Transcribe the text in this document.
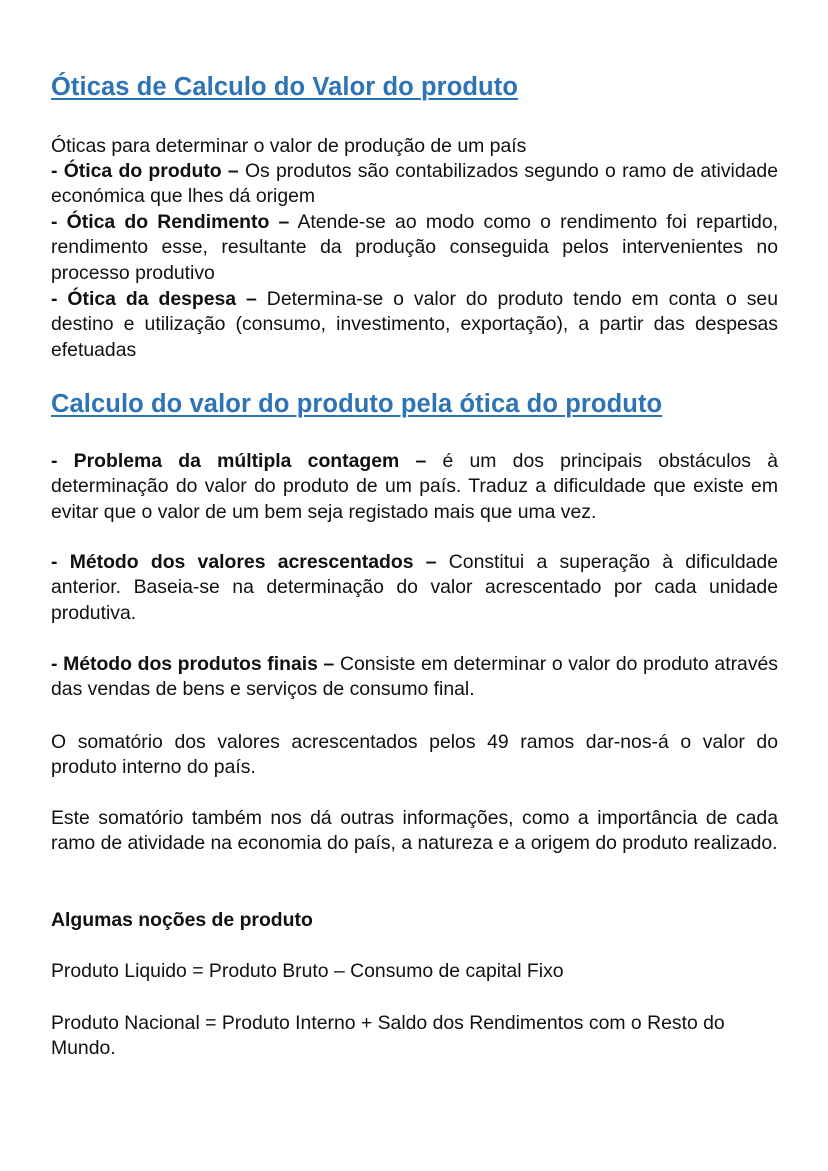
Óticas de Calculo do Valor do produto

Óticas para determinar o valor de produção de um país

- Ótica do produto – Os produtos são contabilizados segundo o ramo de atividade económica que lhes dá origem

- Ótica do Rendimento – Atende-se ao modo como o rendimento foi repartido, rendimento esse, resultante da produção conseguida pelos intervenientes no processo produtivo

- Ótica da despesa – Determina-se o valor do produto tendo em conta o seu destino e utilização (consumo, investimento, exportação), a partir das despesas efetuadas

Calculo do valor do produto pela ótica do produto

- Problema da múltipla contagem – é um dos principais obstáculos à determinação do valor do produto de um país. Traduz a dificuldade que existe em evitar que o valor de um bem seja registado mais que uma vez.

- Método dos valores acrescentados – Constitui a superação à dificuldade anterior. Baseia-se na determinação do valor acrescentado por cada unidade produtiva.

- Método dos produtos finais – Consiste em determinar o valor do produto através das vendas de bens e serviços de consumo final.

O somatório dos valores acrescentados pelos 49 ramos dar-nos-á o valor do produto interno do país.

Este somatório também nos dá outras informações, como a importância de cada ramo de atividade na economia do país, a natureza e a origem do produto realizado.

Algumas noções de produto

Produto Liquido = Produto Bruto – Consumo de capital Fixo

Produto Nacional = Produto Interno + Saldo dos Rendimentos com o Resto do Mundo.
